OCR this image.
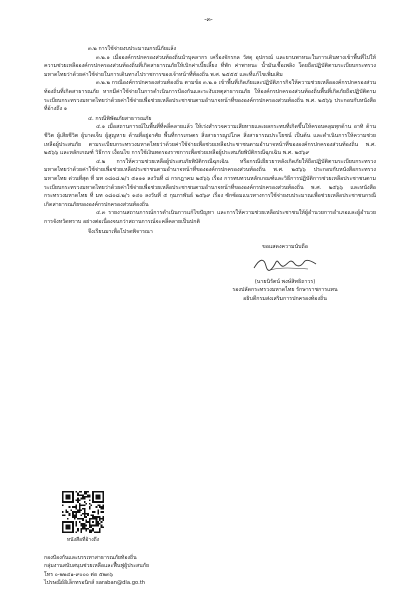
-๓-

๓.๒ การใช้จ่ายงบประมาณกรณีภัยแล้ง

๓.๒.๑ เมื่อองค์กรปกครองส่วนท้องถิ่นนำบุคลากร เครื่องจักรกล วัสดุ อุปกรณ์ และยานพาหนะในการเดินทางเข้าพื้นที่ไปให้ความช่วยเหลือองค์กรปกครองส่วนท้องถิ่นที่เกิดสาธารณภัยให้เบิกค่าเบี้ยเลี้ยง ที่พัก ค่าพาหนะ น้ำมันเชื้อเพลิง โดยถือปฏิบัติตามระเบียบกระทรวงมหาดไทยว่าด้วยค่าใช้จ่ายในการเดินทางไปราชการของเจ้าหน้าที่ท้องถิ่น พ.ศ. ๒๕๕๕ และที่แก้ไขเพิ่มเติม

๓.๒.๒ กรณีองค์กรปกครองส่วนท้องถิ่น ตามข้อ ๓.๒.๑ เข้าพื้นที่เกิดภัยและปฏิบัติภารกิจให้ความช่วยเหลือองค์กรปกครองส่วนท้องถิ่นที่เกิดสาธารณภัย หากมีค่าใช้จ่ายในการดำเนินการป้องกันและระงับเหตุสาธารณภัย ให้องค์กรปกครองส่วนท้องถิ่นพื้นที่เกิดภัยถือปฏิบัติตามระเบียบกระทรวงมหาดไทยว่าด้วยค่าใช้จ่ายเพื่อช่วยเหลือประชาชนตามอำนาจหน้าที่ขององค์กรปกครองส่วนท้องถิ่น พ.ศ. ๒๕๖๖ ประกอบกับหนังสือที่อ้างถึง ๑

๔. กรณีพิพัฒภัยสาธารณภัย

๔.๑ เมื่อสถานการณ์ในพื้นที่ที่คลี่คลายแล้ว ให้เร่งสำรวจความเสียหายและผลกระทบที่เกิดขึ้นให้ครอบคลุมทุกด้าน อาทิ ด้านชีวิต ผู้เสียชีวิต ผู้บาดเจ็บ ผู้สูญหาย ด้านที่อยู่อาศัย พื้นที่การเกษตร สิ่งสาธารณูปโภค สิ่งสาธารณประโยชน์ เป็นต้น และดำเนินการให้ความช่วยเหลือผู้ประสบภัย ตามระเบียบกระทรวงมหาดไทยว่าด้วยค่าใช้จ่ายเพื่อช่วยเหลือประชาชนตามอำนาจหน้าที่ขององค์กรปกครองส่วนท้องถิ่น พ.ศ. ๒๕๖๖ และหลักเกณฑ์ วิธีการ เงื่อนไข การใช้เงินทดรองราชการเพื่อช่วยเหลือผู้ประสบภัยพิบัติกรณีฉุกเฉิน พ.ศ. ๒๕๖๙

๔.๒ การให้ความช่วยเหลือผู้ประสบภัยพิบัติกรณีฉุกเฉิน หรือกรณีเยียวยาหลังเกิดภัยให้ถือปฏิบัติตามระเบียบกระทรวงมหาดไทยว่าด้วยค่าใช้จ่ายเพื่อช่วยเหลือประชาชนตามอำนาจหน้าที่ขององค์กรปกครองส่วนท้องถิ่น พ.ศ. ๒๕๖๖ ประกอบกับหนังสือกระทรวงมหาดไทย ด่วนที่สุด ที่ มท ๐๘๐๘.๒/ว ๕๑๑๑ ลงวันที่ ๘ กรกฎาคม ๒๕๖๖ เรื่อง การทบทวนหลักเกณฑ์และวิธีการปฏิบัติการช่วยเหลือประชาชนตามระเบียบกระทรวงมหาดไทยว่าด้วยค่าใช้จ่ายเพื่อช่วยเหลือประชาชนตามอำนาจหน้าที่ขององค์กรปกครองส่วนท้องถิ่น พ.ศ. ๒๕๖๖ และหนังสือกระทรวงมหาดไทย ที่ มท ๐๘๐๘.๒/ว ๑๔๐ ลงวันที่ ๕ กุมภาพันธ์ ๒๕๖๙ เรื่อง ซักซ้อมแนวทางการใช้จ่ายงบประมาณเพื่อช่วยเหลือประชาชนกรณีเกิดสาธารณภัยขององค์กรปกครองส่วนท้องถิ่น

๔.๓ รายงานสถานการณ์การดำเนินการแก้ไขปัญหา และการให้ความช่วยเหลือประชาชนให้ผู้อำนวยการอำเภอและผู้อำนวยการจังหวัดทราบ อย่างต่อเนื่องจนกว่าสถานการณ์จะคลี่คลายเป็นปกติ

จึงเรียนมาเพื่อโปรดพิจารณา

ขอแสดงความนับถือ
(นายนิรัตน์ พงษ์สิทธิถาวร)
รองปลัดกระทรวงมหาดไทย รักษาราชการแทน
อธิบดีกรมส่งเสริมการปกครองท้องถิ่น
หนังสือที่อ้างถึง
กองป้องกันและบรรเทาสาธารณภัยท้องถิ่น
กลุ่มงานสนับสนุนช่วยเหลือและฟื้นฟูผู้ประสบภัย
โทร ๐-๒๒๔๑-๙๐๐๐ ต่อ ๕๒๓๖
ไปรษณีย์อิเล็กทรอนิกส์ saraban@dla.go.th
